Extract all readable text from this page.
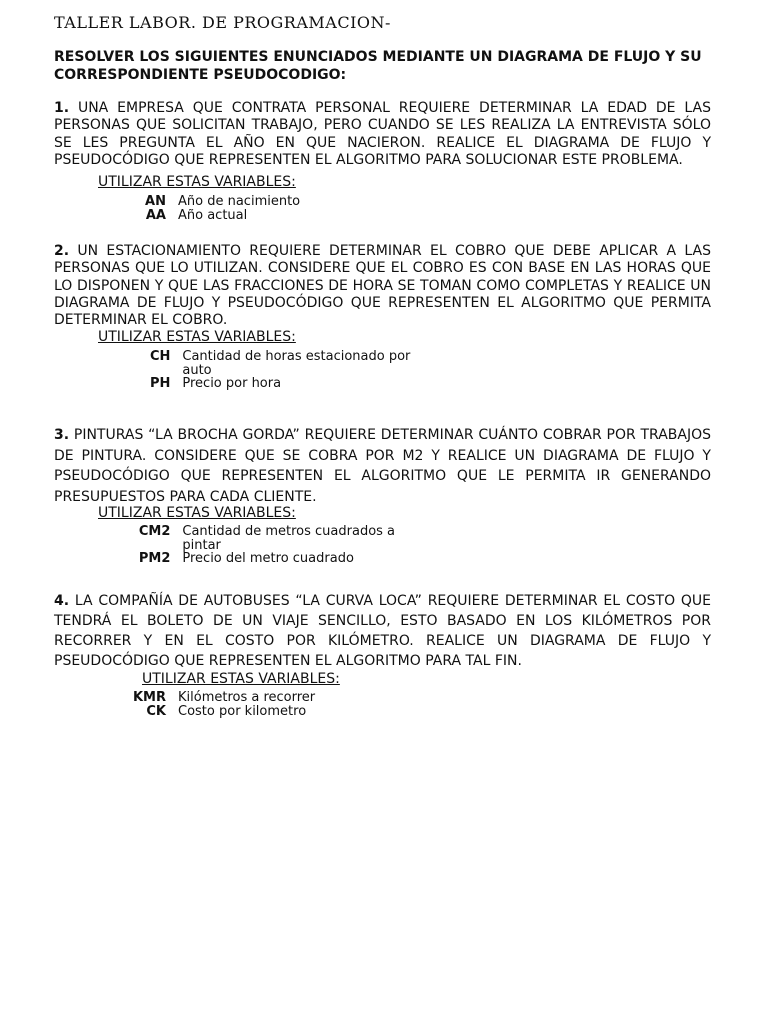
TALLER LABOR. DE PROGRAMACION-
RESOLVER LOS SIGUIENTES ENUNCIADOS MEDIANTE UN DIAGRAMA DE FLUJO Y SU CORRESPONDIENTE PSEUDOCODIGO:
1. UNA EMPRESA QUE CONTRATA PERSONAL REQUIERE DETERMINAR LA EDAD DE LAS PERSONAS QUE SOLICITAN TRABAJO, PERO CUANDO SE LES REALIZA LA ENTREVISTA SÓLO SE LES PREGUNTA EL AÑO EN QUE NACIERON. REALICE EL DIAGRAMA DE FLUJO Y PSEUDOCÓDIGO QUE REPRESENTEN EL ALGORITMO PARA SOLUCIONAR ESTE PROBLEMA.
UTILIZAR ESTAS VARIABLES:
AN	Año de nacimiento
AA	Año actual
2. UN ESTACIONAMIENTO REQUIERE DETERMINAR EL COBRO QUE DEBE APLICAR A LAS PERSONAS QUE LO UTILIZAN. CONSIDERE QUE EL COBRO ES CON BASE EN LAS HORAS QUE LO DISPONEN Y QUE LAS FRACCIONES DE HORA SE TOMAN COMO COMPLETAS Y REALICE UN DIAGRAMA DE FLUJO Y PSEUDOCÓDIGO QUE REPRESENTEN EL ALGORITMO QUE PERMITA DETERMINAR EL COBRO.
UTILIZAR ESTAS VARIABLES:
CH	Cantidad de horas estacionado por auto
PH	Precio por hora
3. PINTURAS “LA BROCHA GORDA” REQUIERE DETERMINAR CUÁNTO COBRAR POR TRABAJOS DE PINTURA. CONSIDERE QUE SE COBRA POR M2 Y REALICE UN DIAGRAMA DE FLUJO Y PSEUDOCÓDIGO QUE REPRESENTEN EL ALGORITMO QUE LE PERMITA IR GENERANDO PRESUPUESTOS PARA CADA CLIENTE.
UTILIZAR ESTAS VARIABLES:
CM2	Cantidad de metros cuadrados a pintar
PM2	Precio del metro cuadrado
4. LA COMPAÑÍA DE AUTOBUSES “LA CURVA LOCA” REQUIERE DETERMINAR EL COSTO QUE TENDRÁ EL BOLETO DE UN VIAJE SENCILLO, ESTO BASADO EN LOS KILÓMETROS POR RECORRER Y EN EL COSTO POR KILÓMETRO. REALICE UN DIAGRAMA DE FLUJO Y PSEUDOCÓDIGO QUE REPRESENTEN EL ALGORITMO PARA TAL FIN.
UTILIZAR ESTAS VARIABLES:
KMR	Kilómetros a recorrer
CK	Costo por kilometro
